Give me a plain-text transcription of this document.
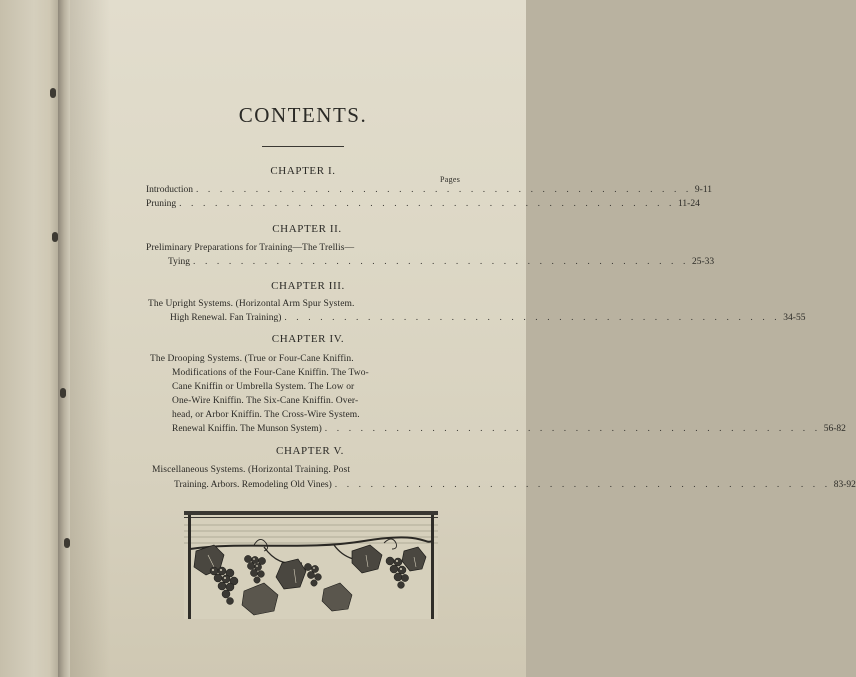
CONTENTS.
CHAPTER I.
Pages
Introduction . . . . . . . . . . . . . . . . . . . . . . . . . . . . . . . . . . . . . . . . . . 9-11
Pruning . . . . . . . . . . . . . . . . . . . . . . . . . . . . . . . . . . . . . . . . . . 11-24
CHAPTER II.
Preliminary Preparations for Training—The Trellis—
Tying . . . . . . . . . . . . . . . . . . . . . . . . . . . . . . . . . . . . . . . . . . 25-33
CHAPTER III.
The Upright Systems. (Horizontal Arm Spur System.
High Renewal. Fan Training) . . . . . . . . . . . . . . . . . . . . . . . . . . . . . . . . . . . . . . . . . . 34-55
CHAPTER IV.
The Drooping Systems. (True or Four-Cane Kniffin.
Modifications of the Four-Cane Kniffin. The Two-
Cane Kniffin or Umbrella System. The Low or
One-Wire Kniffin. The Six-Cane Kniffin. Over-
head, or Arbor Kniffin. The Cross-Wire System.
Renewal Kniffin. The Munson System) . . . . . . . . . . . . . . . . . . . . . . . . . . . . . . . . . . . . . . . . . . 56-82
CHAPTER V.
Miscellaneous Systems. (Horizontal Training. Post
Training. Arbors. Remodeling Old Vines) . . . . . . . . . . . . . . . . . . . . . . . . . . . . . . . . . . . . . . . . . . 83-92
